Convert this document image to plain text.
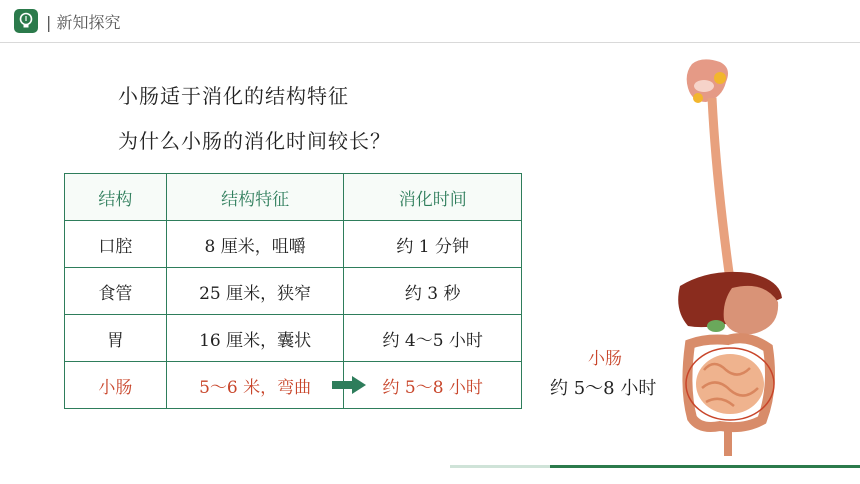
| 新知探究
小肠适于消化的结构特征
为什么小肠的消化时间较长？
结构	结构特征	消化时间
口腔	8 厘米，咀嚼	约 1 分钟
食管	25 厘米，狭窄	约 3 秒
胃	16 厘米，囊状	约 4～5 小时
小肠	5～6 米，弯曲	约 5～8 小时
小肠
约 5～8 小时
